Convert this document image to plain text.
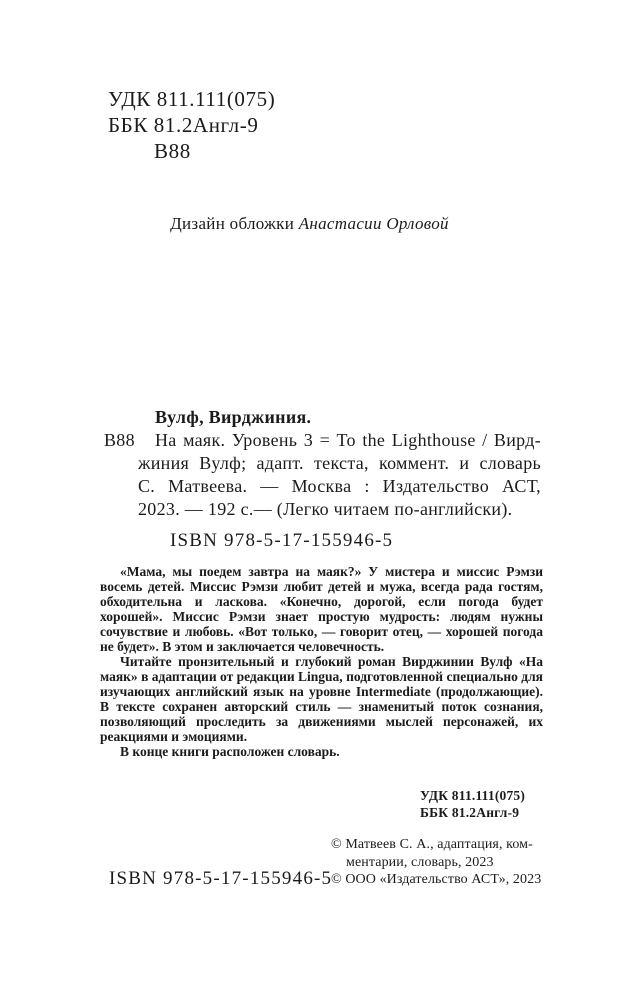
УДК 811.111(075)
ББК 81.2Англ-9
В88
Дизайн обложки Анастасии Орловой
Вулф, Вирджиния.
В88	На маяк. Уровень 3 = To the Lighthouse / Вирд-
жиния Вулф; адапт. текста, коммент. и словарь
С. Матвеева. — Москва : Издательство АСТ,
2023. — 192 с.— (Легко читаем по-английски).
ISBN 978-5-17-155946-5

«Мама, мы поедем завтра на маяк?» У мистера и миссис Рэмзи восемь детей. Миссис Рэмзи любит детей и мужа, всегда рада гостям, обходительна и ласкова. «Конечно, дорогой, если погода будет хорошей». Миссис Рэмзи знает простую мудрость: людям нужны сочувствие и любовь. «Вот только, — говорит отец, — хорошей погода не будет». В этом и заключается человечность.

Читайте пронзительный и глубокий роман Вирджинии Вулф «На маяк» в адаптации от редакции Lingua, подготовленной специально для изучающих английский язык на уровне Intermediate (продолжающие). В тексте сохранен авторский стиль — знаменитый поток сознания, позволяющий проследить за движениями мыслей персонажей, их реакциями и эмоциями.

В конце книги расположен словарь.

УДК 811.111(075)
ББК 81.2Англ-9
© Матвеев С. А., адаптация, ком-
ментарии, словарь, 2023
© ООО «Издательство АСТ», 2023
ISBN 978-5-17-155946-5
